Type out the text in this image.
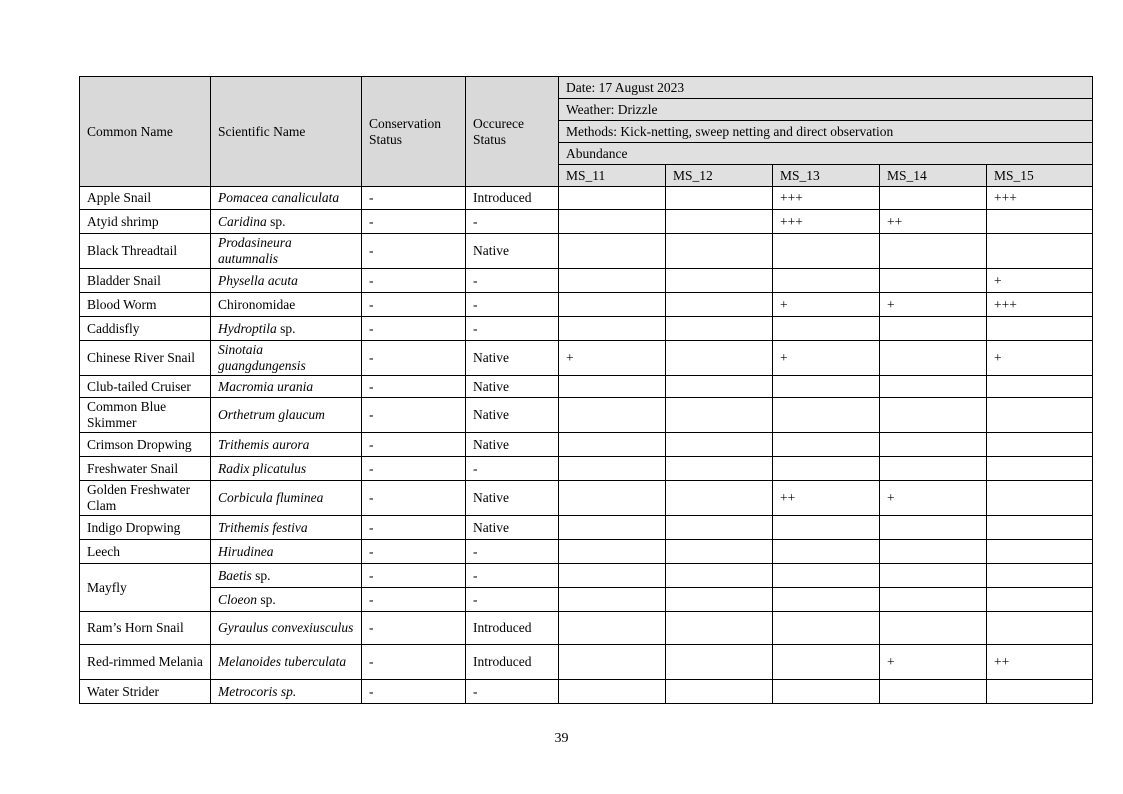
Common Name	Scientific Name	Conservation Status	Occurece Status	Date: 17 August 2023				
				Weather: Drizzle				
				Methods: Kick-netting, sweep netting and direct observation				
				Abundance				
				MS_11	MS_12	MS_13	MS_14	MS_15

Apple Snail	Pomacea canaliculata	-	Introduced			+++		+++
Atyid shrimp	Caridina sp.	-	-			+++	++	
Black Threadtail	Prodasineura autumnalis	-	Native					
Bladder Snail	Physella acuta	-	-					+
Blood Worm	Chironomidae	-	-			+	+	+++
Caddisfly	Hydroptila sp.	-	-					
Chinese River Snail	Sinotaia guangdungensis	-	Native	+		+		+
Club-tailed Cruiser	Macromia urania	-	Native					
Common Blue Skimmer	Orthetrum glaucum	-	Native					
Crimson Dropwing	Trithemis aurora	-	Native					
Freshwater Snail	Radix plicatulus	-	-					
Golden Freshwater Clam	Corbicula fluminea	-	Native			++	+	
Indigo Dropwing	Trithemis festiva	-	Native					
Leech	Hirudinea	-	-					
Mayfly	Baetis sp.	-	-					
	Cloeon sp.	-	-					
Ram’s Horn Snail	Gyraulus convexiusculus	-	Introduced					
Red-rimmed Melania	Melanoides tuberculata	-	Introduced				+	++
Water Strider	Metrocoris sp.	-	-					
39
